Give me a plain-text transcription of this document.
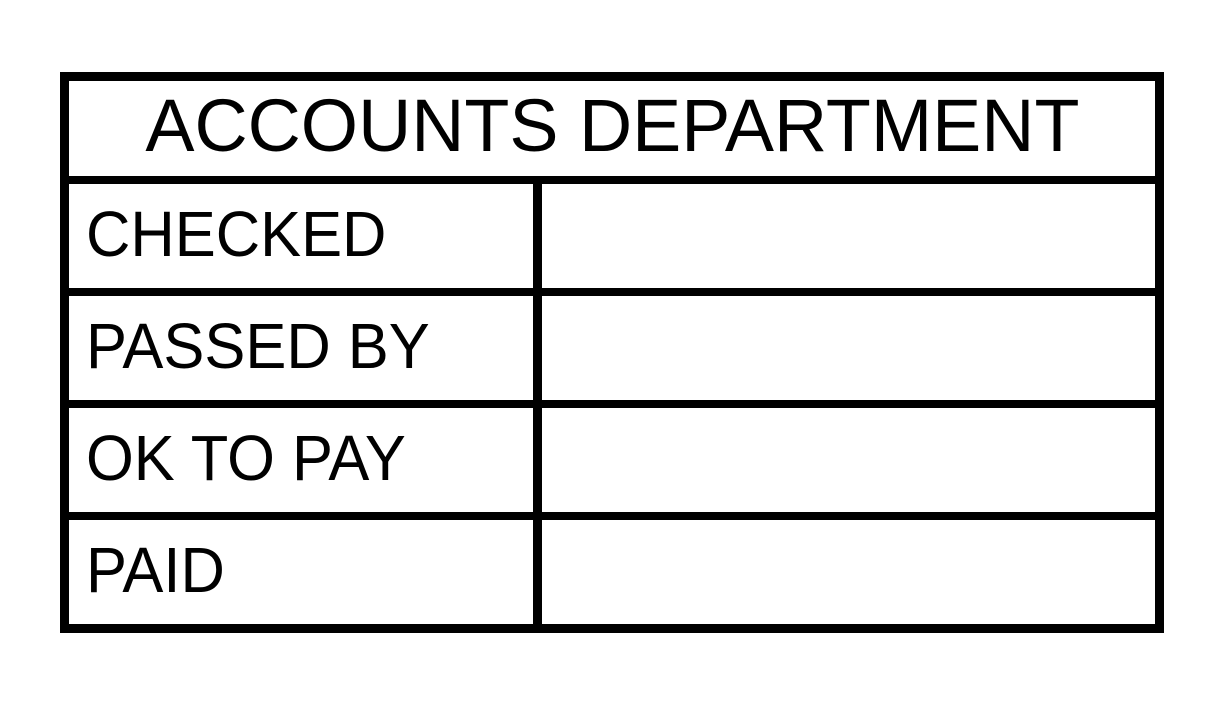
ACCOUNTS DEPARTMENT
CHECKED
PASSED BY
OK TO PAY
PAID
